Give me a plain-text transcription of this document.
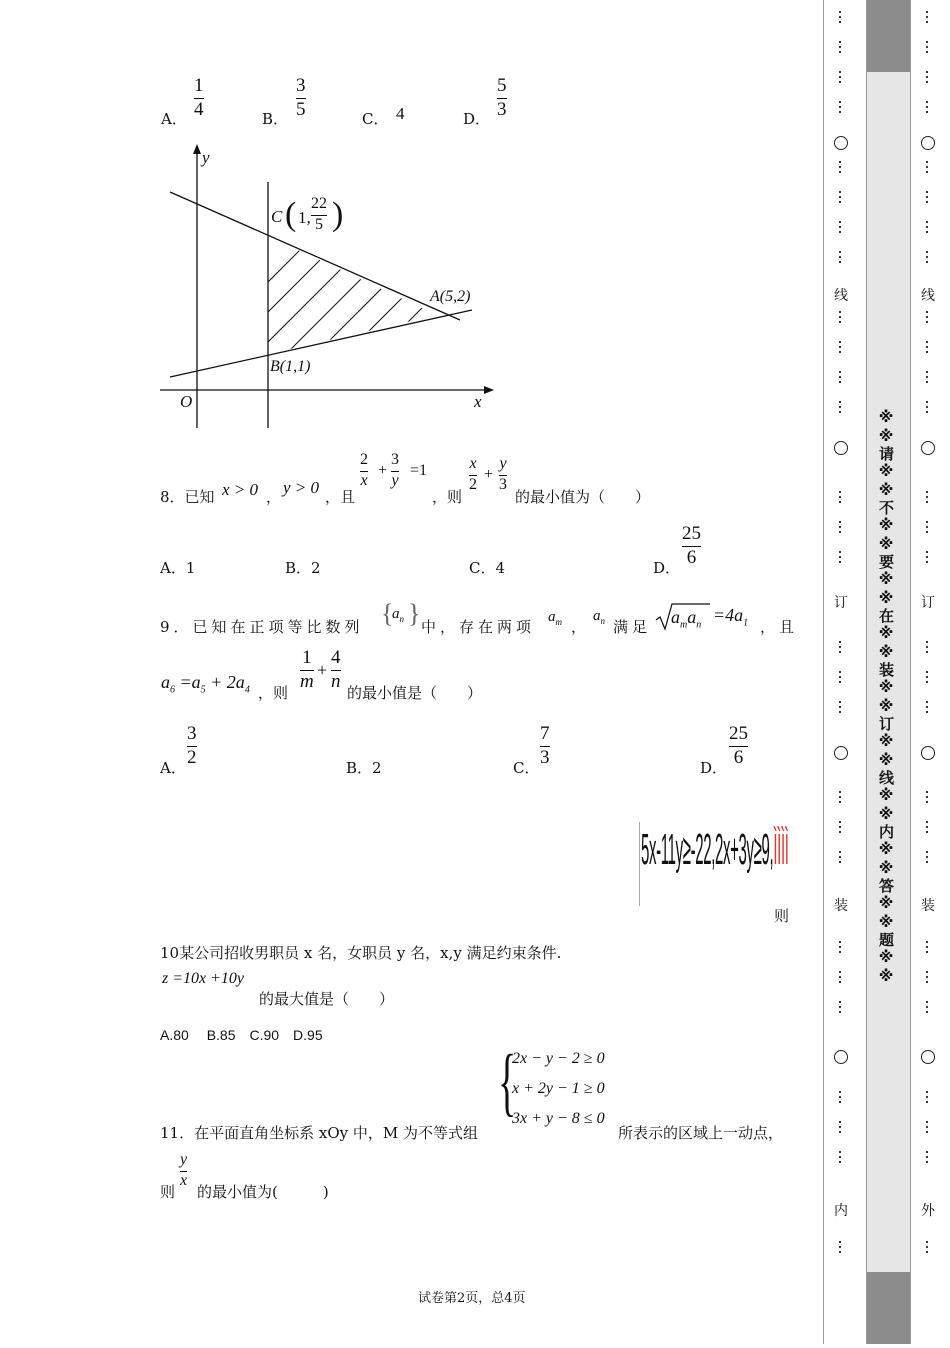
A．
1
4	B．
3
5	C． 4	D．
5
3
y
x
O
C ( 1,
22
5 )
A(5,2)
B(1,1)
8．已知 x > 0 ， y > 0 ，且
2
x
+
3
y
=1
，则
x
2
+
y
3
的最小值为（　　）
A．1	B．2	C．4	D．
25
6
9．已知在正项等比数列 {
$a_n$ } 中，存在两项
$a_m$ ，
$a_n$ 满足 $a_ma_n$
$=4a_1$ ，且
$a_6 =a_5 + 2a_4$ ，则
1
m
+
4
n
的最小值是（　　）
A．
3
2
B．2	C．
7
3
D．
25
6
5x-11y≥-22,2x+3y≥9,ÌÌÌÌ
则
10某公司招收男职员 x 名，女职员 y 名，x,y 满足约束条件.
z =10x +10y
的最大值是（　　）
A.80　 B.85　C.90　D.95
{
2x − y − 2 ≥ 0
x + 2y − 1 ≥ 0
3x + y − 8 ≤ 0
11．在平面直角坐标系 xOy 中，M 为不等式组	所表示的区域上一动点，
y
x
则 的最小值为(　　　)
试卷第2页，总4页
※※请※※不※※要※※在※※装※※订※※线※※内※※答※※题※※
线
订
装
内
线
订
装
外
